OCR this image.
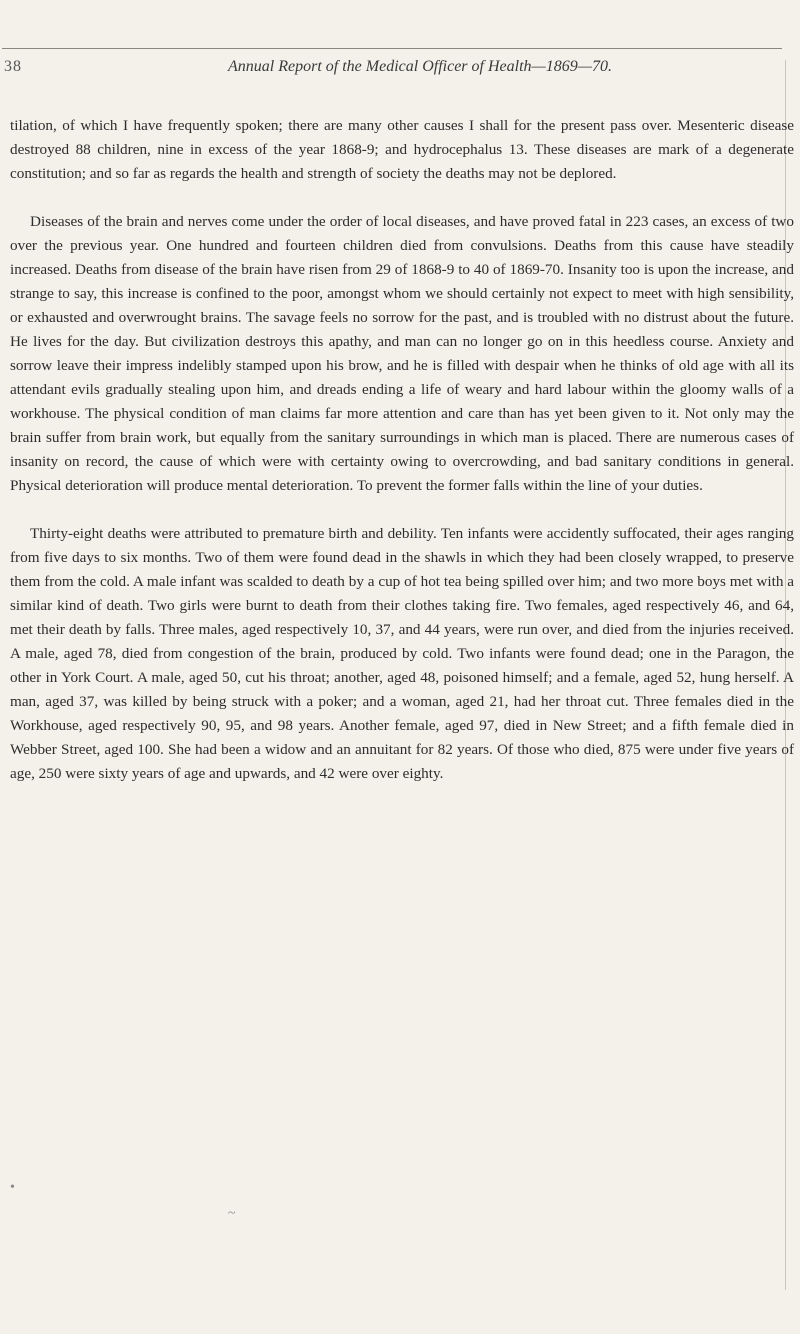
38	Annual Report of the Medical Officer of Health—1869—70.

tilation, of which I have frequently spoken; there are many other causes I shall for the present pass over. Mesenteric disease destroyed 88 children, nine in excess of the year 1868-9; and hydrocephalus 13. These diseases are mark of a degenerate constitution; and so far as regards the health and strength of society the deaths may not be deplored.

Diseases of the brain and nerves come under the order of local diseases, and have proved fatal in 223 cases, an excess of two over the previous year. One hundred and fourteen children died from convulsions. Deaths from this cause have steadily increased. Deaths from disease of the brain have risen from 29 of 1868-9 to 40 of 1869-70. Insanity too is upon the increase, and strange to say, this increase is confined to the poor, amongst whom we should certainly not expect to meet with high sensibility, or exhausted and overwrought brains. The savage feels no sorrow for the past, and is troubled with no distrust about the future. He lives for the day. But civilization destroys this apathy, and man can no longer go on in this heedless course. Anxiety and sorrow leave their impress indelibly stamped upon his brow, and he is filled with despair when he thinks of old age with all its attendant evils gradually stealing upon him, and dreads ending a life of weary and hard labour within the gloomy walls of a workhouse. The physical condition of man claims far more attention and care than has yet been given to it. Not only may the brain suffer from brain work, but equally from the sanitary surroundings in which man is placed. There are numerous cases of insanity on record, the cause of which were with certainty owing to overcrowding, and bad sanitary conditions in general. Physical deterioration will produce mental deterioration. To prevent the former falls within the line of your duties.

Thirty-eight deaths were attributed to premature birth and debility. Ten infants were accidently suffocated, their ages ranging from five days to six months. Two of them were found dead in the shawls in which they had been closely wrapped, to preserve them from the cold. A male infant was scalded to death by a cup of hot tea being spilled over him; and two more boys met with a similar kind of death. Two girls were burnt to death from their clothes taking fire. Two females, aged respectively 46, and 64, met their death by falls. Three males, aged respectively 10, 37, and 44 years, were run over, and died from the injuries received. A male, aged 78, died from congestion of the brain, produced by cold. Two infants were found dead; one in the Paragon, the other in York Court. A male, aged 50, cut his throat; another, aged 48, poisoned himself; and a female, aged 52, hung herself. A man, aged 37, was killed by being struck with a poker; and a woman, aged 21, had her throat cut. Three females died in the Workhouse, aged respectively 90, 95, and 98 years. Another female, aged 97, died in New Street; and a fifth female died in Webber Street, aged 100. She had been a widow and an annuitant for 82 years. Of those who died, 875 were under five years of age, 250 were sixty years of age and upwards, and 42 were over eighty.

•
~
